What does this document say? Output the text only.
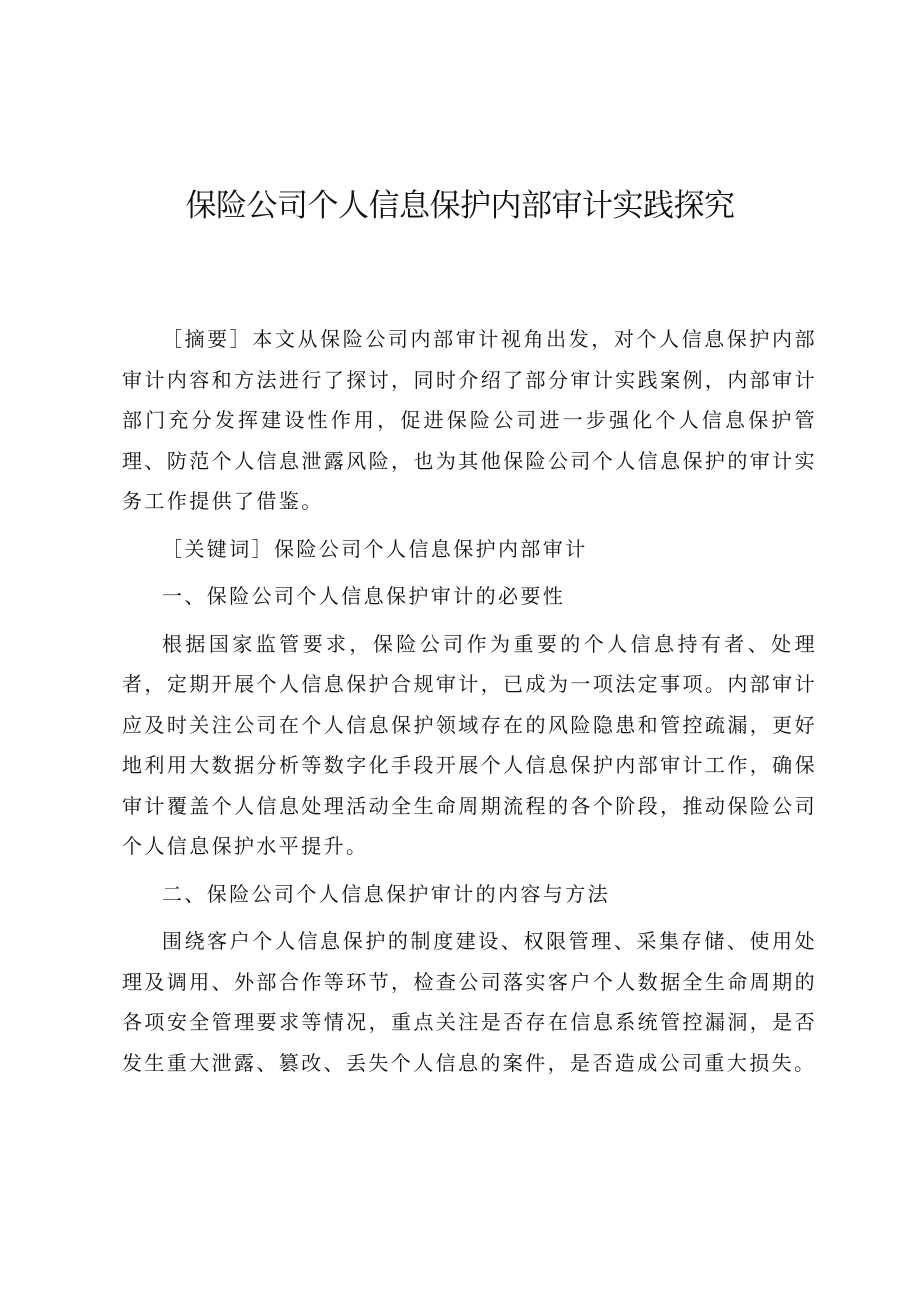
保险公司个人信息保护内部审计实践探究

［摘要］本文从保险公司内部审计视角出发，对个人信息保护内部审计内容和方法进行了探讨，同时介绍了部分审计实践案例，内部审计部门充分发挥建设性作用，促进保险公司进一步强化个人信息保护管理、防范个人信息泄露风险，也为其他保险公司个人信息保护的审计实务工作提供了借鉴。

［关键词］保险公司个人信息保护内部审计

一、保险公司个人信息保护审计的必要性

根据国家监管要求，保险公司作为重要的个人信息持有者、处理者，定期开展个人信息保护合规审计，已成为一项法定事项。内部审计应及时关注公司在个人信息保护领域存在的风险隐患和管控疏漏，更好地利用大数据分析等数字化手段开展个人信息保护内部审计工作，确保审计覆盖个人信息处理活动全生命周期流程的各个阶段，推动保险公司个人信息保护水平提升。

二、保险公司个人信息保护审计的内容与方法

围绕客户个人信息保护的制度建设、权限管理、采集存储、使用处理及调用、外部合作等环节，检查公司落实客户个人数据全生命周期的各项安全管理要求等情况，重点关注是否存在信息系统管控漏洞，是否发生重大泄露、篡改、丢失个人信息的案件，是否造成公司重大损失。
